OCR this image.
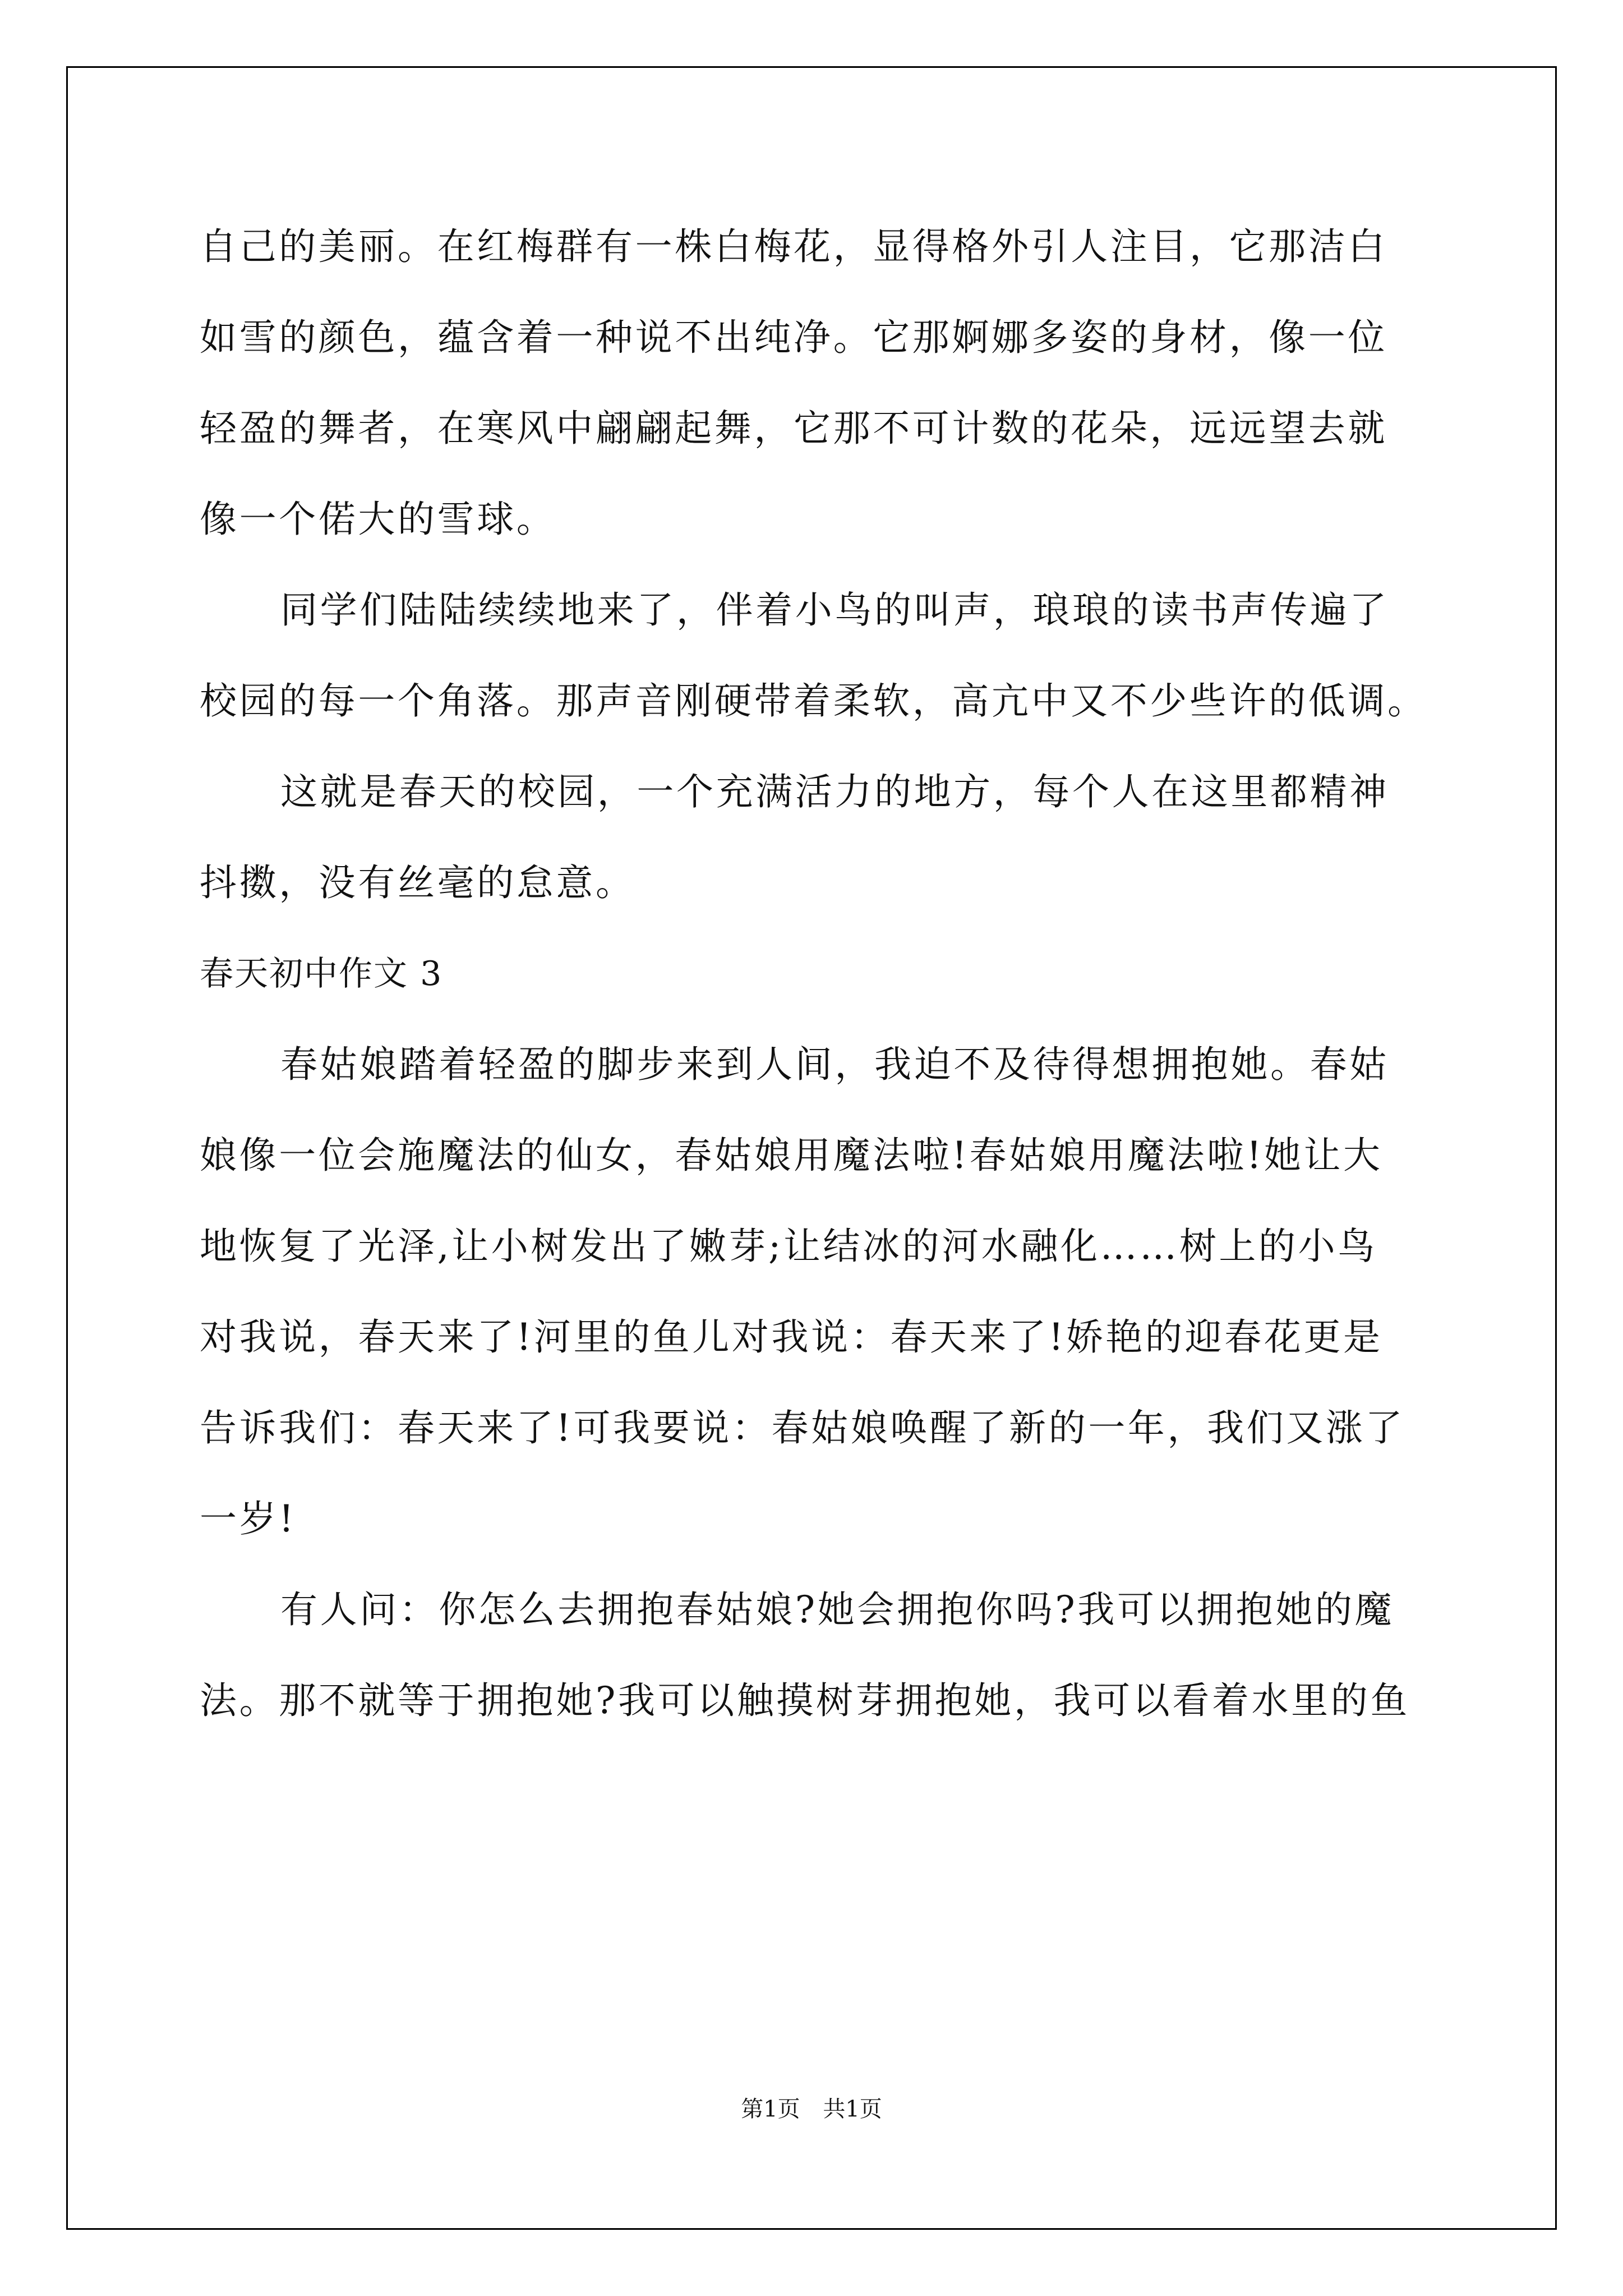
自己的美丽。在红梅群有一株白梅花，显得格外引人注目，它那洁白
如雪的颜色，蕴含着一种说不出纯净。它那婀娜多姿的身材，像一位
轻盈的舞者，在寒风中翩翩起舞，它那不可计数的花朵，远远望去就
像一个偌大的雪球。
同学们陆陆续续地来了，伴着小鸟的叫声，琅琅的读书声传遍了
校园的每一个角落。那声音刚硬带着柔软，高亢中又不少些许的低调。
这就是春天的校园，一个充满活力的地方，每个人在这里都精神
抖擞，没有丝毫的怠意。
春天初中作文 3
春姑娘踏着轻盈的脚步来到人间，我迫不及待得想拥抱她。春姑
娘像一位会施魔法的仙女，春姑娘用魔法啦!春姑娘用魔法啦!她让大
地恢复了光泽,让小树发出了嫩芽;让结冰的河水融化……树上的小鸟
对我说，春天来了!河里的鱼儿对我说：春天来了!娇艳的迎春花更是
告诉我们：春天来了!可我要说：春姑娘唤醒了新的一年，我们又涨了
一岁!
有人问：你怎么去拥抱春姑娘?她会拥抱你吗?我可以拥抱她的魔
法。那不就等于拥抱她?我可以触摸树芽拥抱她，我可以看着水里的鱼
第1页 共1页
